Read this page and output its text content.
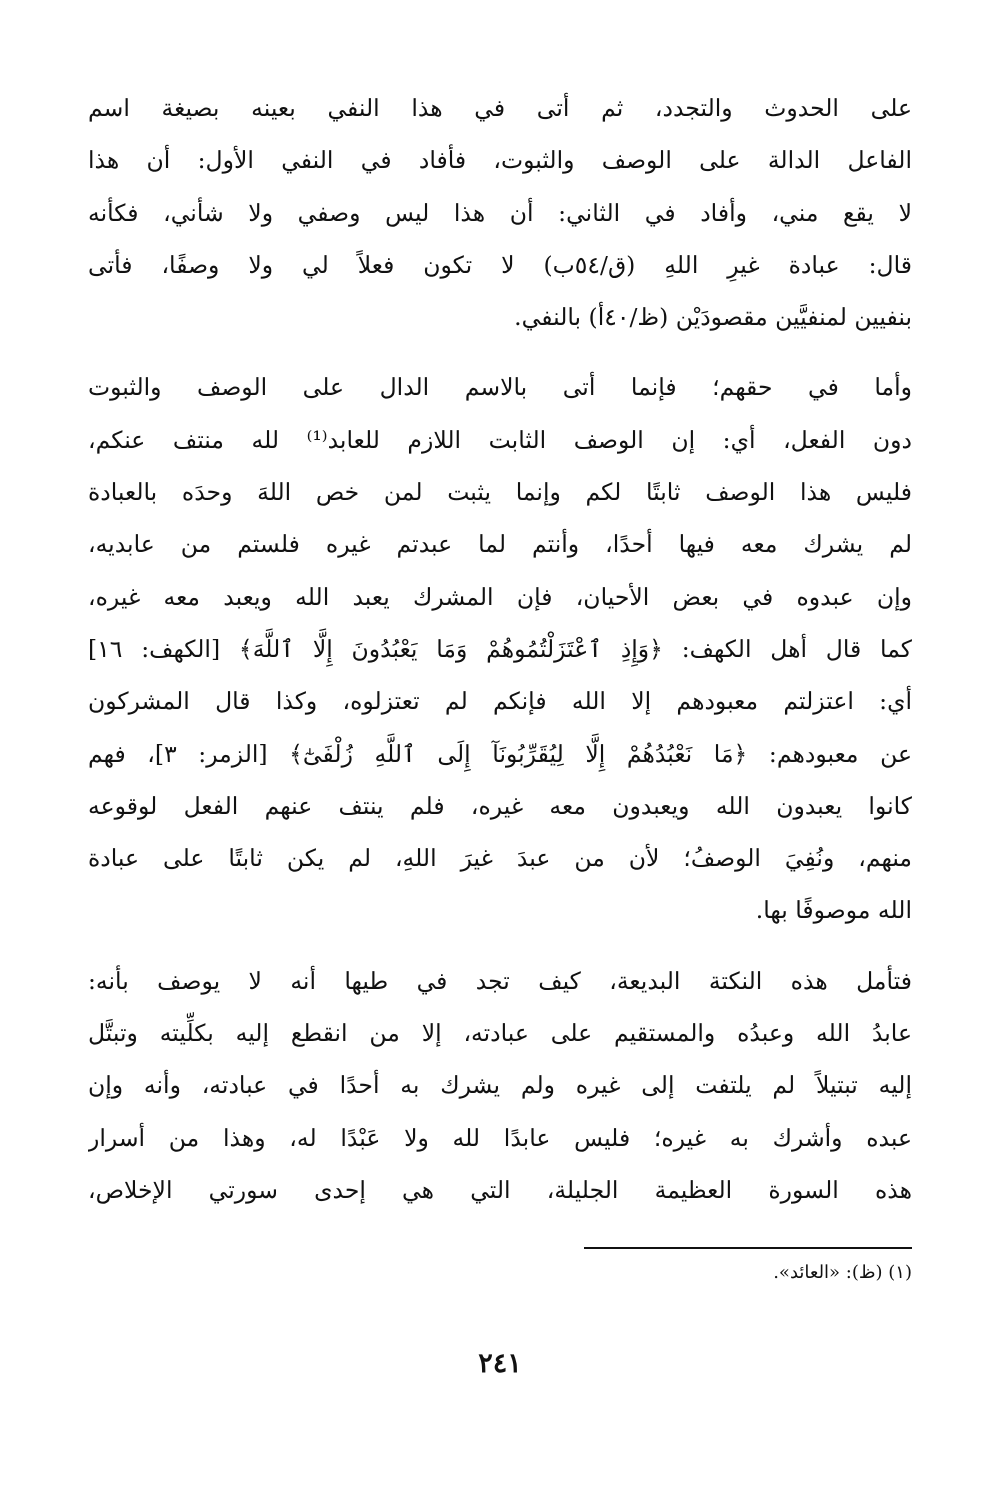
على الحدوث والتجدد، ثم أتى في هذا النفي بعينه بصيغة اسم
الفاعل الدالة على الوصف والثبوت، فأفاد في النفي الأول: أن هذا
لا يقع مني، وأفاد في الثاني: أن هذا ليس وصفي ولا شأني، فكأنه
قال: عبادة غيرِ اللهِ (ق/٥٤ب) لا تكون فعلاً لي ولا وصفًا، فأتى
بنفيين لمنفيَّين مقصودَيْن (ظ/٤٠أ) بالنفي.
وأما في حقهم؛ فإنما أتى بالاسم الدال على الوصف والثبوت
دون الفعل، أي: إن الوصف الثابت اللازم للعابد⁽¹⁾ لله منتف عنكم،
فليس هذا الوصف ثابتًا لكم وإنما يثبت لمن خص اللهَ وحدَه بالعبادة
لم يشرك معه فيها أحدًا، وأنتم لما عبدتم غيره فلستم من عابديه،
وإن عبدوه في بعض الأحيان، فإن المشرك يعبد الله ويعبد معه غيره،
كما قال أهل الكهف: ﴿وَإِذِ ٱعْتَزَلْتُمُوهُمْ وَمَا يَعْبُدُونَ إِلَّا ٱللَّهَ﴾ [الكهف: ١٦]
أي: اعتزلتم معبودهم إلا الله فإنكم لم تعتزلوه، وكذا قال المشركون
عن معبودهم: ﴿مَا نَعْبُدُهُمْ إِلَّا لِيُقَرِّبُونَآ إِلَى ٱللَّهِ زُلْفَىٰٓ﴾ [الزمر: ٣]، فهم
كانوا يعبدون الله ويعبدون معه غيره، فلم ينتف عنهم الفعل لوقوعه
منهم، ونُفِيَ الوصفُ؛ لأن من عبدَ غيرَ اللهِ، لم يكن ثابتًا على عبادة
الله موصوفًا بها.
فتأمل هذه النكتة البديعة، كيف تجد في طيها أنه لا يوصف بأنه:
عابدُ الله وعبدُه والمستقيم على عبادته، إلا من انقطع إليه بكلِّيته وتبتَّل
إليه تبتيلاً لم يلتفت إلى غيره ولم يشرك به أحدًا في عبادته، وأنه وإن
عبده وأشرك به غيره؛ فليس عابدًا لله ولا عَبْدًا له، وهذا من أسرار
هذه السورة العظيمة الجليلة، التي هي إحدى سورتي الإخلاص،
(١) (ظ): «العائد».
٢٤١
